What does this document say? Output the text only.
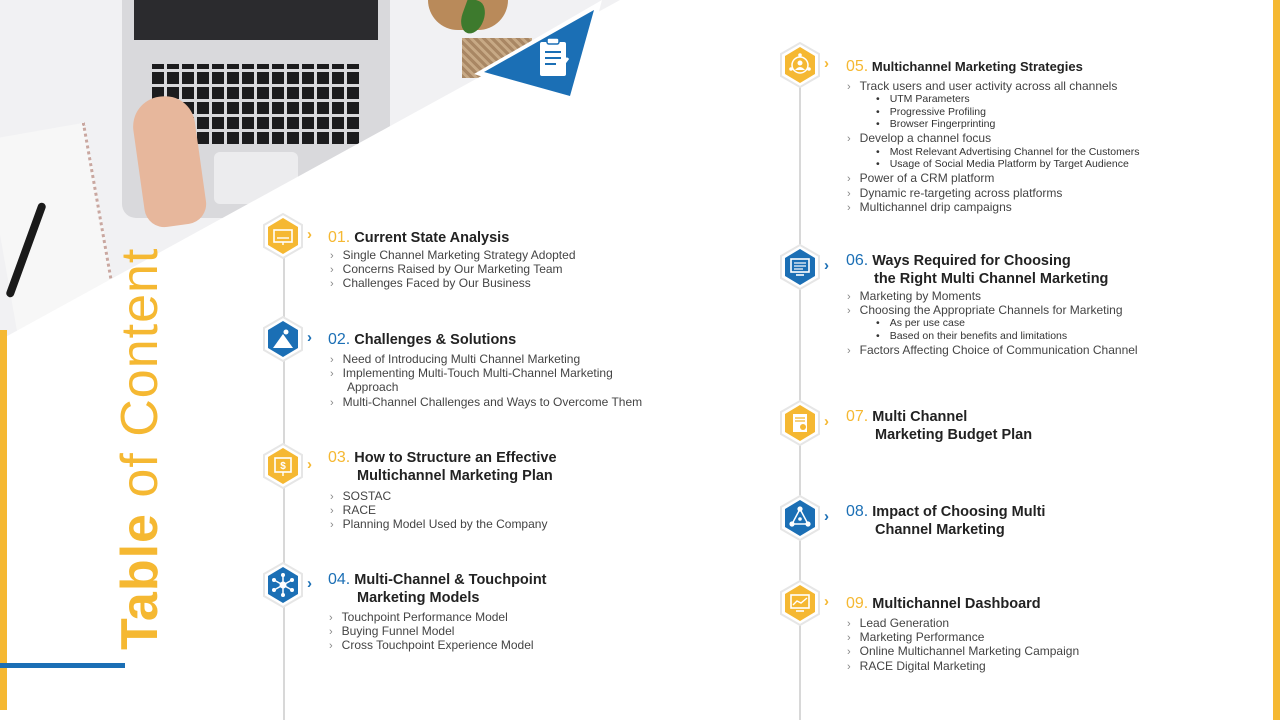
Table of Content
› 01. Current State Analysis
› Single Channel Marketing Strategy Adopted
› Concerns Raised by Our Marketing Team
› Challenges Faced by Our Business
› 02. Challenges & Solutions
› Need of Introducing Multi Channel Marketing
› Implementing Multi-Touch Multi-Channel Marketing
Approach
› Multi-Channel Challenges and Ways to Overcome Them
$ › 03. How to Structure an Effective
Multichannel Marketing Plan
› SOSTAC
› RACE
› Planning Model Used by the Company
› 04. Multi-Channel & Touchpoint
Marketing Models
› Touchpoint Performance Model
› Buying Funnel Model
› Cross Touchpoint Experience Model
› 05. Multichannel Marketing Strategies
› Track users and user activity across all channels
• UTM Parameters
• Progressive Profiling
• Browser Fingerprinting
› Develop a channel focus
• Most Relevant Advertising Channel for the Customers
• Usage of Social Media Platform by Target Audience
› Power of a CRM platform
› Dynamic re-targeting across platforms
› Multichannel drip campaigns
› 06. Ways Required for Choosing
the Right Multi Channel Marketing
› Marketing by Moments
› Choosing the Appropriate Channels for Marketing
• As per use case
• Based on their benefits and limitations
› Factors Affecting Choice of Communication Channel
› 07. Multi Channel
Marketing Budget Plan
› 08. Impact of Choosing Multi
Channel Marketing
› 09. Multichannel Dashboard
› Lead Generation
› Marketing Performance
› Online Multichannel Marketing Campaign
› RACE Digital Marketing
